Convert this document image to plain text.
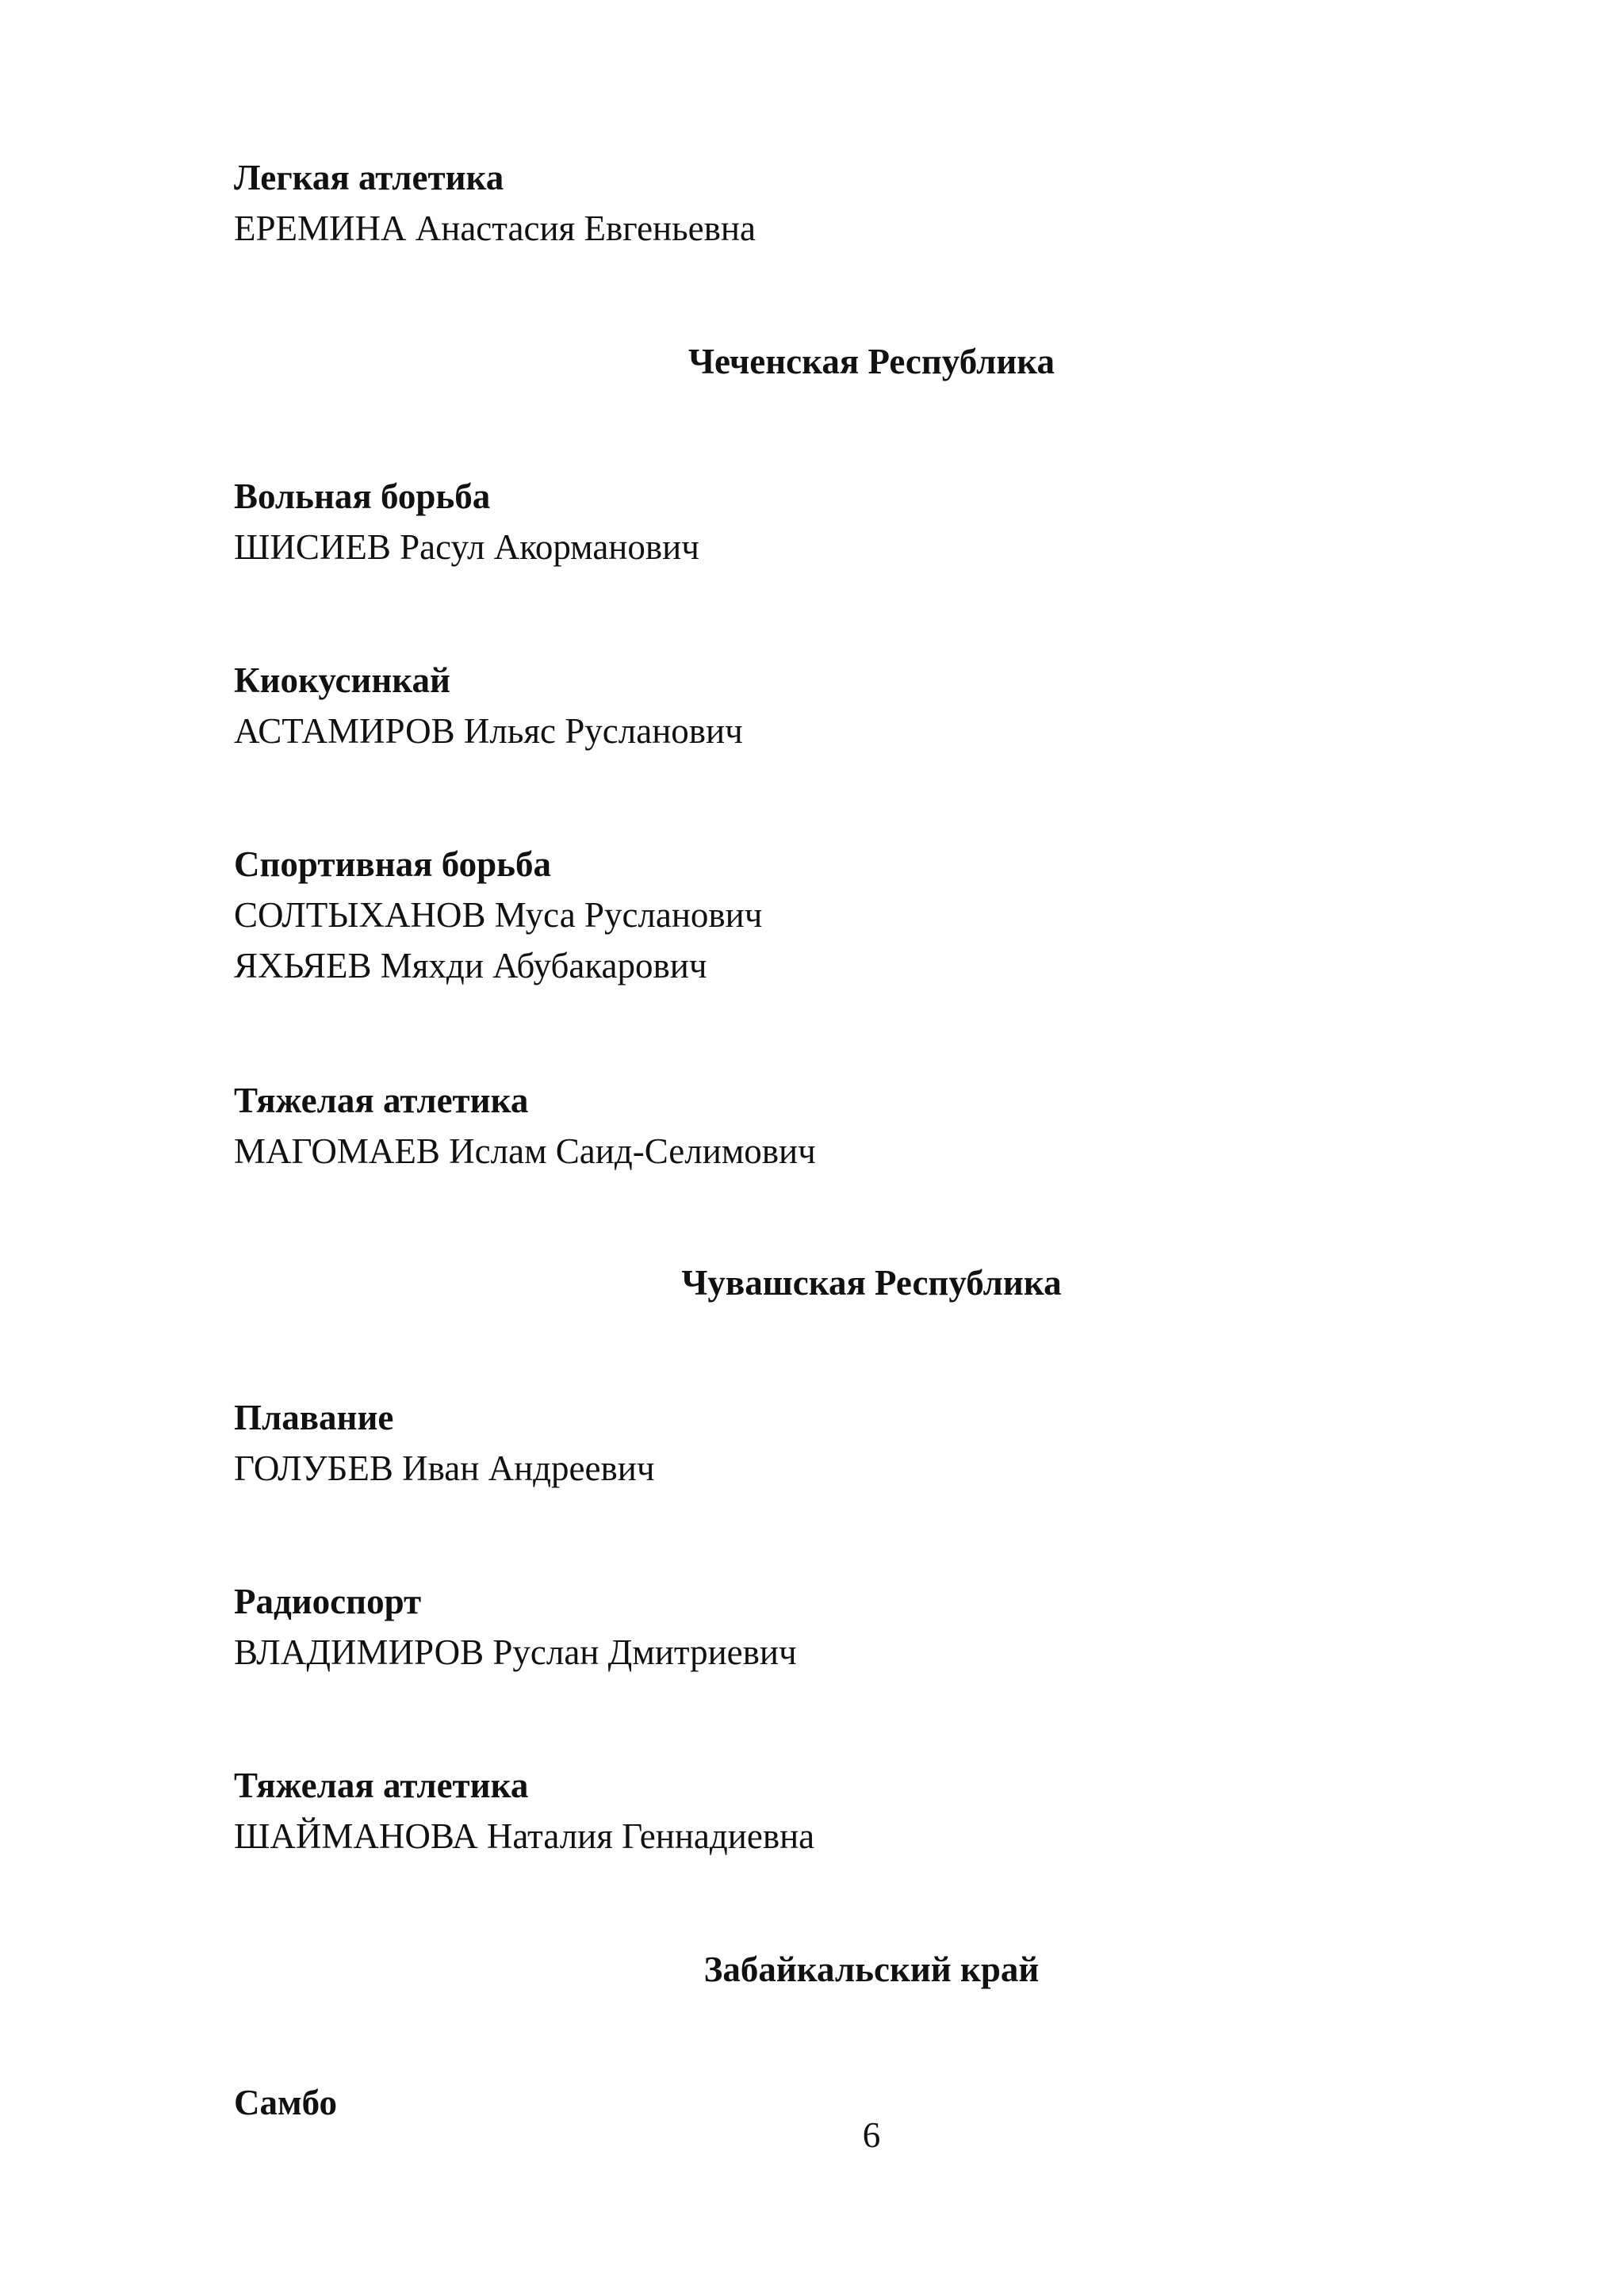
Легкая атлетика
ЕРЕМИНА Анастасия Евгеньевна
Чеченская Республика
Вольная борьба
ШИСИЕВ Расул Акорманович
Киокусинкай
АСТАМИРОВ Ильяс Русланович
Спортивная борьба
СОЛТЫХАНОВ Муса Русланович
ЯХЬЯЕВ Мяхди Абубакарович
Тяжелая атлетика
МАГОМАЕВ Ислам Саид-Селимович
Чувашская Республика
Плавание
ГОЛУБЕВ Иван Андреевич
Радиоспорт
ВЛАДИМИРОВ Руслан Дмитриевич
Тяжелая атлетика
ШАЙМАНОВА Наталия Геннадиевна
Забайкальский край
Самбо
6
